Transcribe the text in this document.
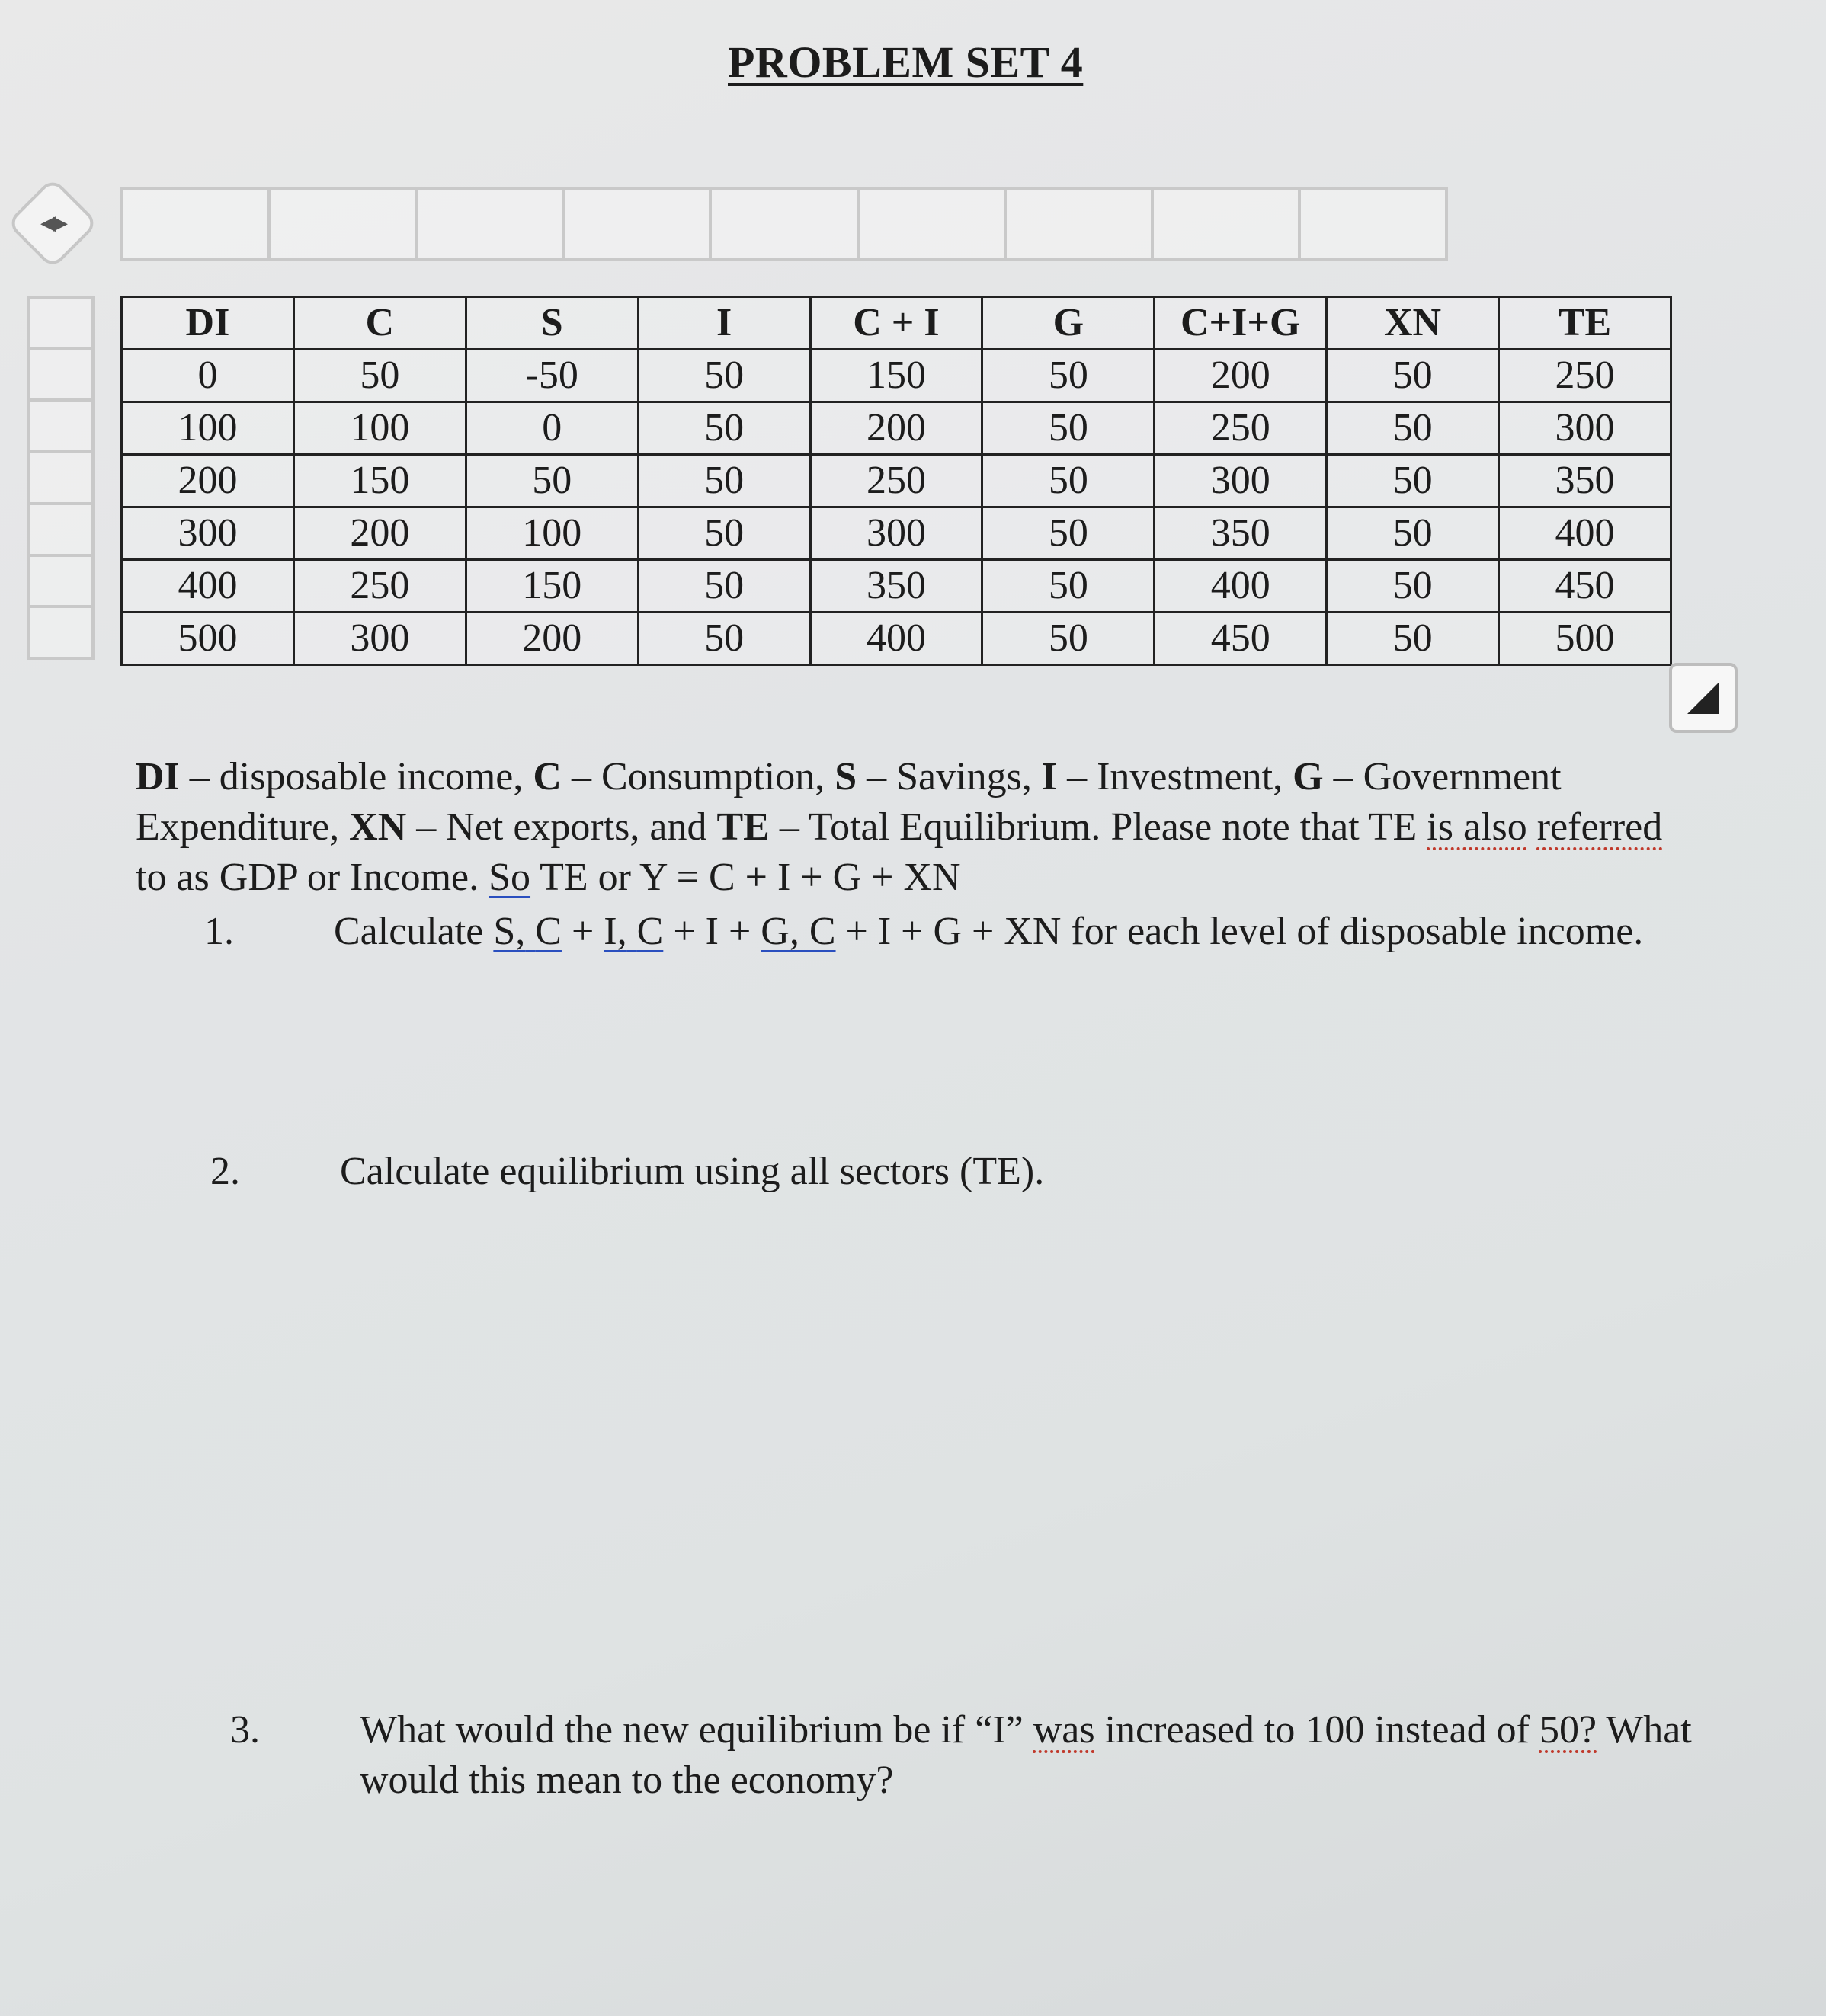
PROBLEM SET 4
◀▶
DI	C	S	I	C + I	G	C+I+G	XN	TE
0	50	-50	50	150	50	200	50	250
100	100	0	50	200	50	250	50	300
200	150	50	50	250	50	300	50	350
300	200	100	50	300	50	350	50	400
400	250	150	50	350	50	400	50	450
500	300	200	50	400	50	450	50	500

DI – disposable income, C – Consumption, S – Savings, I – Investment, G – Government Expenditure, XN – Net exports, and TE – Total Equilibrium. Please note that TE is also referred to as GDP or Income. So TE or Y = C + I + G + XN

1.	Calculate S, C + I, C + I + G, C + I + G + XN for each level of disposable income.
2.	Calculate equilibrium using all sectors (TE).
3.	What would the new equilibrium be if “I” was increased to 100 instead of 50? What would this mean to the economy?
